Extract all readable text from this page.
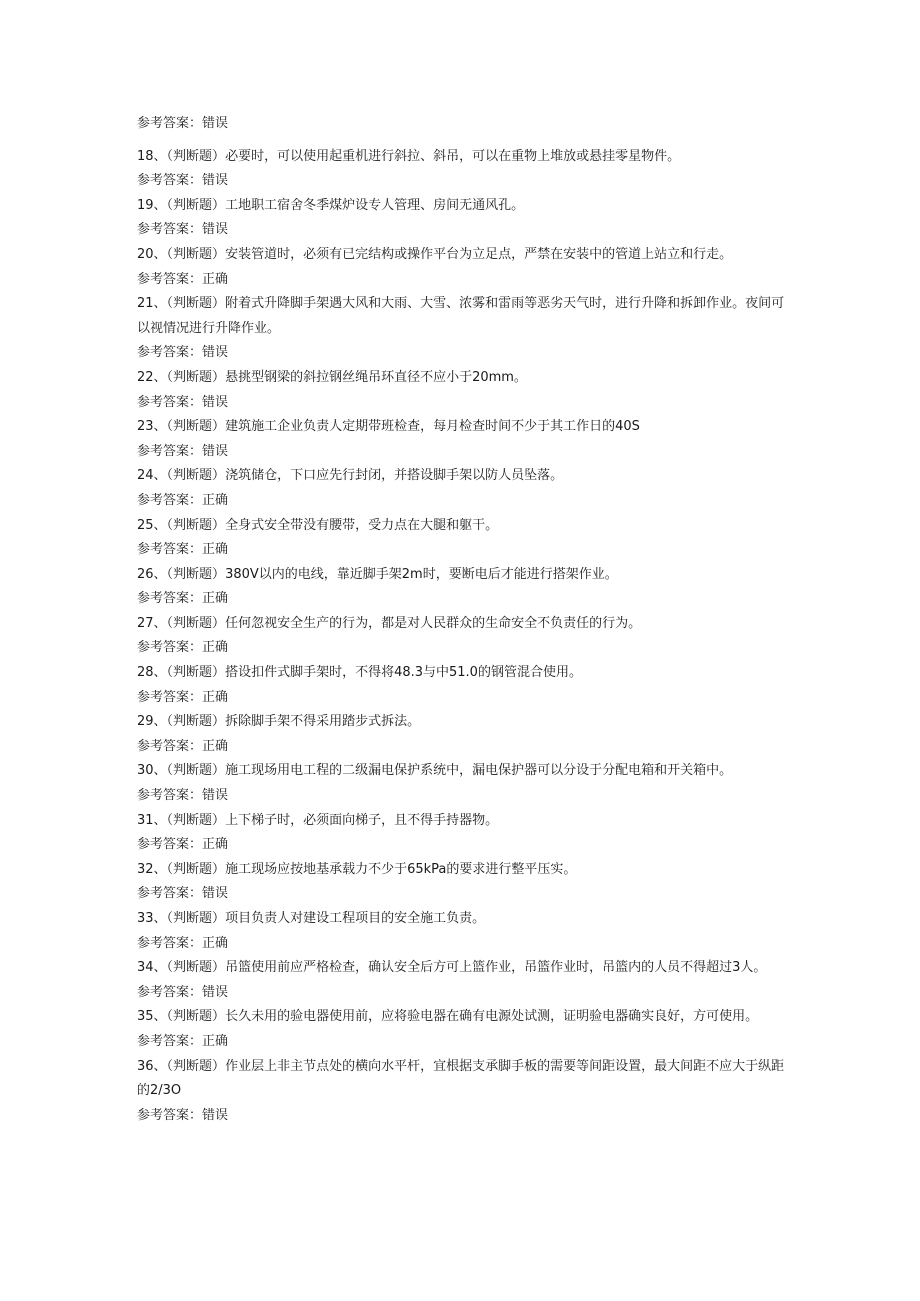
参考答案：错误
18、（判断题）必要时，可以使用起重机进行斜拉、斜吊，可以在重物上堆放或悬挂零星物件。
参考答案：错误
19、（判断题）工地职工宿舍冬季煤炉设专人管理、房间无通风孔。
参考答案：错误
20、（判断题）安装管道时，必须有已完结构或操作平台为立足点，严禁在安装中的管道上站立和行走。
参考答案：正确
21、（判断题）附着式升降脚手架遇大风和大雨、大雪、浓雾和雷雨等恶劣天气时，进行升降和拆卸作业。夜间可以视情况进行升降作业。
参考答案：错误
22、（判断题）悬挑型钢梁的斜拉钢丝绳吊环直径不应小于20mm。
参考答案：错误
23、（判断题）建筑施工企业负责人定期带班检查，每月检查时间不少于其工作日的40S
参考答案：错误
24、（判断题）浇筑储仓，下口应先行封闭，并搭设脚手架以防人员坠落。
参考答案：正确
25、（判断题）全身式安全带没有腰带，受力点在大腿和躯干。
参考答案：正确
26、（判断题）380V以内的电线，靠近脚手架2m时，要断电后才能进行搭架作业。
参考答案：正确
27、（判断题）任何忽视安全生产的行为，都是对人民群众的生命安全不负责任的行为。
参考答案：正确
28、（判断题）搭设扣件式脚手架时，不得将48.3与中51.0的钢管混合使用。
参考答案：正确
29、（判断题）拆除脚手架不得采用踏步式拆法。
参考答案：正确
30、（判断题）施工现场用电工程的二级漏电保护系统中，漏电保护器可以分设于分配电箱和开关箱中。
参考答案：错误
31、（判断题）上下梯子时，必须面向梯子，且不得手持器物。
参考答案：正确
32、（判断题）施工现场应按地基承载力不少于65kPa的要求进行整平压实。
参考答案：错误
33、（判断题）项目负责人对建设工程项目的安全施工负责。
参考答案：正确
34、（判断题）吊篮使用前应严格检查，确认安全后方可上篮作业，吊篮作业时，吊篮内的人员不得超过3人。
参考答案：错误
35、（判断题）长久未用的验电器使用前，应将验电器在确有电源处试测，证明验电器确实良好，方可使用。
参考答案：正确
36、（判断题）作业层上非主节点处的横向水平杆，宜根据支承脚手板的需要等间距设置，最大间距不应大于纵距的2/3O
参考答案：错误
